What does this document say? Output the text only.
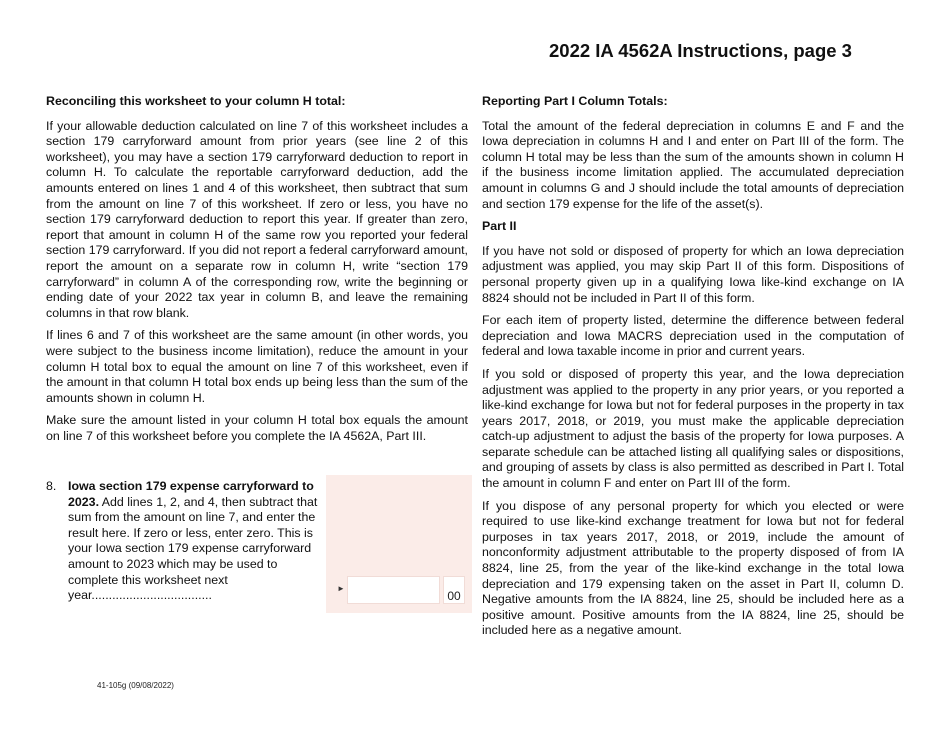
2022 IA 4562A Instructions, page 3
Reconciling this worksheet to your column H total:

If your allowable deduction calculated on line 7 of this worksheet includes a section 179 carryforward amount from prior years (see line 2 of this worksheet), you may have a section 179 carryforward deduction to report in column H. To calculate the reportable carryforward deduction, add the amounts entered on lines 1 and 4 of this worksheet, then subtract that sum from the amount on line 7 of this worksheet. If zero or less, you have no section 179 carryforward deduction to report this year. If greater than zero, report that amount in column H of the same row you reported your federal section 179 carryforward. If you did not report a federal carryforward amount, report the amount on a separate row in column H, write “section 179 carryforward” in column A of the corresponding row, write the beginning or ending date of your 2022 tax year in column B, and leave the remaining columns in that row blank.

If lines 6 and 7 of this worksheet are the same amount (in other words, you were subject to the business income limitation), reduce the amount in your column H total box to equal the amount on line 7 of this worksheet, even if the amount in that column H total box ends up being less than the sum of the amounts shown in column H.

Make sure the amount listed in your column H total box equals the amount on line 7 of this worksheet before you complete the IA 4562A, Part III.

8. Iowa section 179 expense carryforward to 2023. Add lines 1, 2, and 4, then subtract that sum from the amount on line 7, and enter the result here. If zero or less, enter zero. This is your Iowa section 179 expense carryforward amount to 2023 which may be used to complete this worksheet next year...................................	►
00
Reporting Part I Column Totals:

Total the amount of the federal depreciation in columns E and F and the Iowa depreciation in columns H and I and enter on Part III of the form. The column H total may be less than the sum of the amounts shown in column H if the business income limitation applied. The accumulated depreciation amount in columns G and J should include the total amounts of depreciation and section 179 expense for the life of the asset(s).

Part II

If you have not sold or disposed of property for which an Iowa depreciation adjustment was applied, you may skip Part II of this form. Dispositions of personal property given up in a qualifying Iowa like-kind exchange on IA 8824 should not be included in Part II of this form.

For each item of property listed, determine the difference between federal depreciation and Iowa MACRS depreciation used in the computation of federal and Iowa taxable income in prior and current years.

If you sold or disposed of property this year, and the Iowa depreciation adjustment was applied to the property in any prior years, or you reported a like-kind exchange for Iowa but not for federal purposes in the property in tax years 2017, 2018, or 2019, you must make the applicable depreciation catch-up adjustment to adjust the basis of the property for Iowa purposes. A separate schedule can be attached listing all qualifying sales or dispositions, and grouping of assets by class is also permitted as described in Part I. Total the amount in column F and enter on Part III of the form.

If you dispose of any personal property for which you elected or were required to use like-kind exchange treatment for Iowa but not for federal purposes in tax years 2017, 2018, or 2019, include the amount of nonconformity adjustment attributable to the property disposed of from IA 8824, line 25, from the year of the like-kind exchange in the total Iowa depreciation and 179 expensing taken on the asset in Part II, column D. Negative amounts from the IA 8824, line 25, should be included here as a positive amount. Positive amounts from the IA 8824, line 25, should be included here as a negative amount.

41-105g (09/08/2022)
